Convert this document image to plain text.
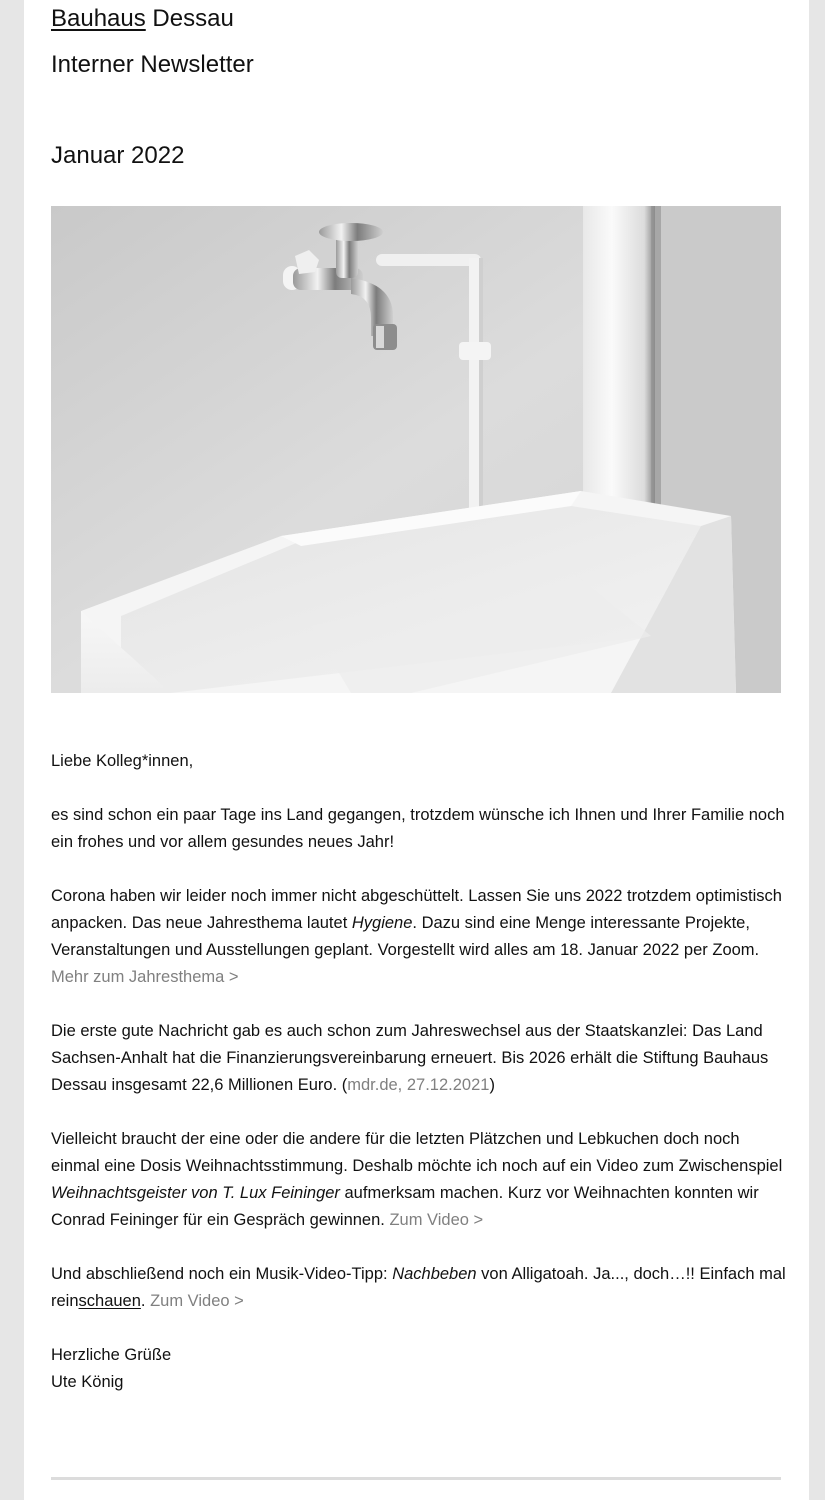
Bauhaus Dessau
Interner Newsletter
Januar 2022

Liebe Kolleg*innen,

es sind schon ein paar Tage ins Land gegangen, trotzdem wünsche ich Ihnen und Ihrer Familie noch ein frohes und vor allem gesundes neues Jahr!

Corona haben wir leider noch immer nicht abgeschüttelt. Lassen Sie uns 2022 trotzdem optimistisch anpacken. Das neue Jahresthema lautet Hygiene. Dazu sind eine Menge interessante Projekte, Veranstaltungen und Ausstellungen geplant. Vorgestellt wird alles am 18. Januar 2022 per Zoom. Mehr zum Jahresthema >

Die erste gute Nachricht gab es auch schon zum Jahreswechsel aus der Staatskanzlei: Das Land Sachsen-Anhalt hat die Finanzierungsvereinbarung erneuert. Bis 2026 erhält die Stiftung Bauhaus Dessau insgesamt 22,6 Millionen Euro. (mdr.de, 27.12.2021)

Vielleicht braucht der eine oder die andere für die letzten Plätzchen und Lebkuchen doch noch einmal eine Dosis Weihnachtsstimmung. Deshalb möchte ich noch auf ein Video zum Zwischenspiel Weihnachtsgeister von T. Lux Feininger aufmerksam machen. Kurz vor Weihnachten konnten wir Conrad Feininger für ein Gespräch gewinnen. Zum Video >

Und abschließend noch ein Musik-Video-Tipp: Nachbeben von Alligatoah. Ja..., doch…!! Einfach mal reinschauen. Zum Video >

Herzliche Grüße
Ute König
